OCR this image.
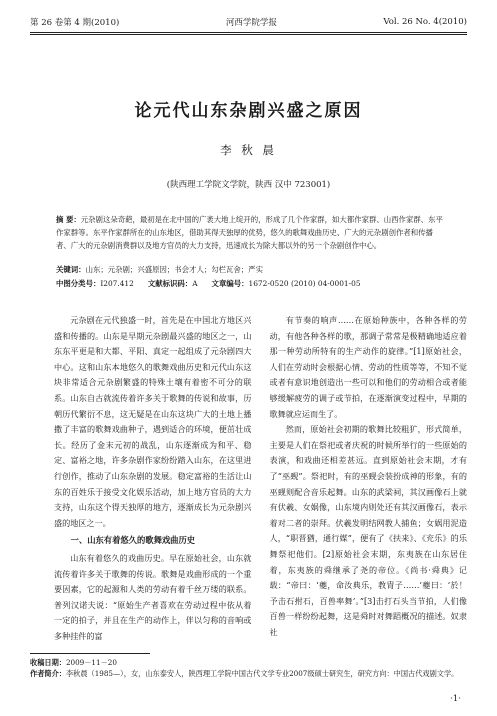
第 26 卷第 4 期(2010)	河西学院学报	Vol. 26 No. 4(2010)
论元代山东杂剧兴盛之原因
李 秋 晨
(陕西理工学院文学院，陕西 汉中 723001)
摘 要：元杂剧这朵奇葩，最初是在北中国的广袤大地上绽开的，形成了几个作家群，如大都作家群、山西作家群、东平作家群等。东平作家群所在的山东地区，借助其得天独厚的优势，悠久的歌舞戏曲历史、广大的元杂剧创作者和传播者、广大的元杂剧消费群以及地方官员的大力支持，迅速成长为除大都以外的另一个杂剧创作中心。
关键词：山东；元杂剧；兴盛原因；书会才人；勾栏瓦舍；严实
中图分类号：I207.412 文献标识码：A 文章编号：1672-0520 (2010) 04-0001-05

元杂剧在元代独盛一时，首先是在中国北方地区兴盛和传播的。山东是早期元杂剧最兴盛的地区之一，山东东平更是和大都、平阳、真定一起组成了元杂剧四大中心。这和山东本地悠久的歌舞戏曲历史和元代山东这块非常适合元杂剧繁盛的特殊土壤有着密不可分的联系。山东自古就流传着许多关于歌舞的传说和故事，历朝历代繁衍不息，这无疑是在山东这块广大的土地上播撒了丰富的歌舞戏曲种子，遇到适合的环境，便茁壮成长。经历了金末元初的战乱，山东逐渐成为和平、稳定、富裕之地，许多杂剧作家纷纷踏入山东，在这里进行创作，推动了山东杂剧的发展。稳定富裕的生活让山东的百姓乐于接受文化娱乐活动，加上地方官员的大力支持，山东这个得天独厚的地方，逐渐成长为元杂剧兴盛的地区之一。

一、山东有着悠久的歌舞戏曲历史

山东有着悠久的戏曲历史。早在原始社会，山东就流传着许多关于歌舞的传说。歌舞是戏曲形成的一个重要因素，它的起源和人类的劳动有着千丝万缕的联系。普列汉诺夫说：“原始生产者喜欢在劳动过程中依从着一定的拍子，并且在生产的动作上，伴以匀称的音响或多种挂件的富

有节奏的响声……在原始种族中，各种各样的劳动，有他各种各样的歌，那调子常常是极精确地适应着那一种劳动所特有的生产动作的旋律。”[1]原始社会，人们在劳动时会根据心情、劳动的性质等等，不知不觉或者有意识地创造出一些可以和他们的劳动相合或者能够缓解疲劳的调子或节拍，在逐渐演变过程中，早期的歌舞就应运而生了。

然而，原始社会初期的歌舞比较粗犷，形式简单，主要是人们在祭祀或者庆祝的时候所举行的一些原始的表演，和戏曲还相差甚远。直到原始社会末期，才有了“巫觋”。祭祀时，有的巫觋会装扮成神的形象，有的巫觋则配合音乐起舞。山东的武梁祠，其汉画像石上就有伏羲、女娲像，山东境内则处还有其汉画像石，表示着对二者的崇拜。伏羲发明结网教人捕鱼；女娲用泥造人，“职晋猶，通行媒”，便有了《扶来》、《充乐》的乐舞祭祀他们。[2]原始社会末期，东夷族在山东居住着，东夷族的舜继承了尧的帝位。《尚书·舜典》记载：“帝曰：‘夔，命汝典乐，教胄子……’夔曰：‘於！予击石拊石，百兽率舞’。”[3]击打石头当节拍，人们像百兽一样纷纷起舞，这是舜时对舞蹈概况的描述。奴隶社

收稿日期：2009－11－20
作者简介：李秋晨（1985—），女，山东泰安人，陕西理工学院中国古代文学专业2007级硕士研究生，研究方向：中国古代戏剧文学。
·1·
